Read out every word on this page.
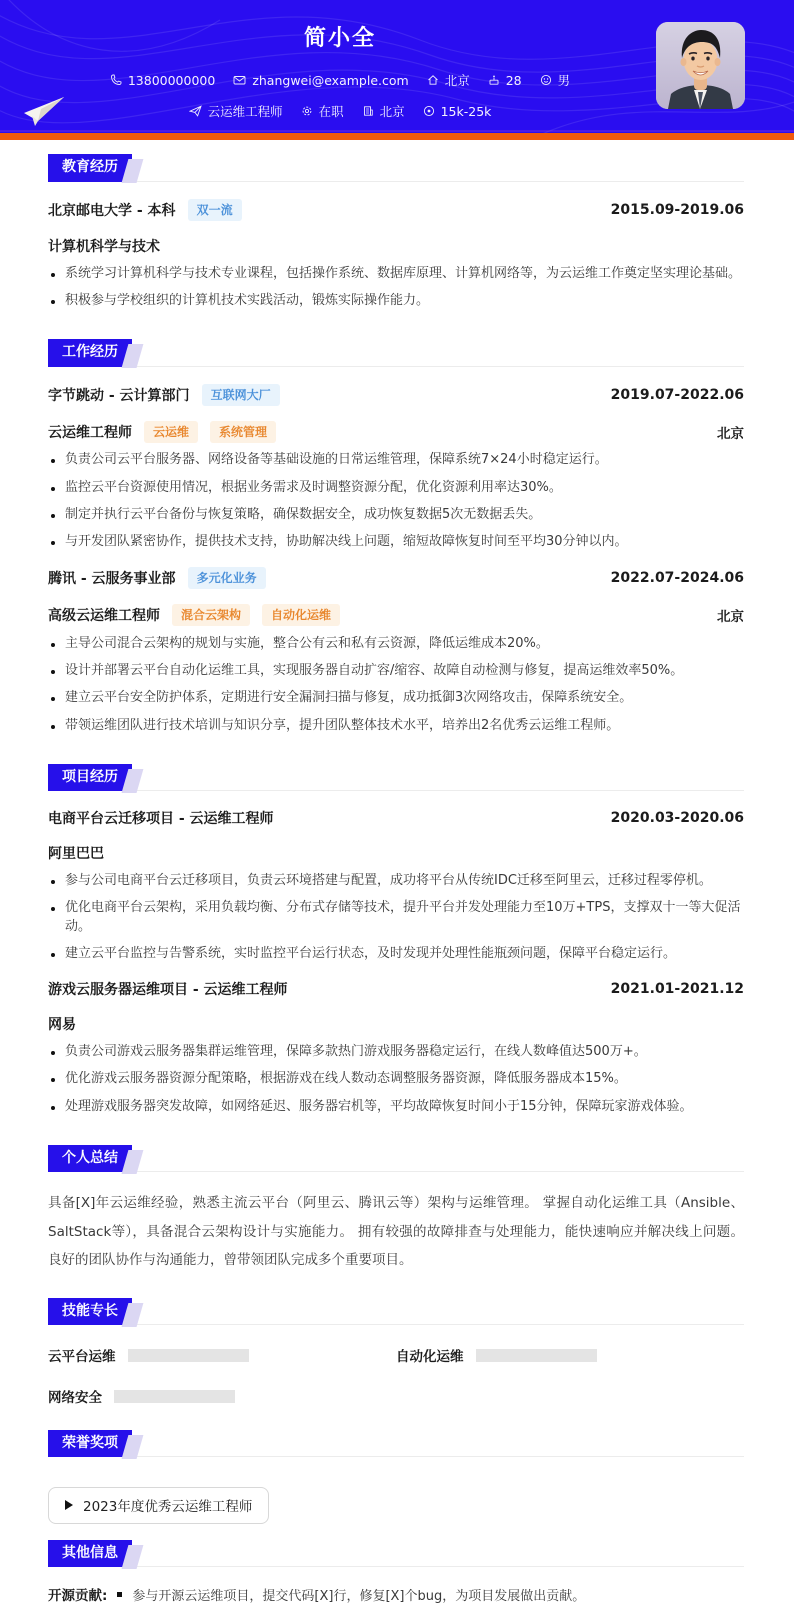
简小全
13800000000	zhangwei@example.com	北京	28	男
云运维工程师	在职	北京	15k-25k
教育经历
北京邮电大学 - 本科	双一流	2015.09-2019.06
计算机科学与技术
系统学习计算机科学与技术专业课程，包括操作系统、数据库原理、计算机网络等，为云运维工作奠定坚实理论基础。
积极参与学校组织的计算机技术实践活动，锻炼实际操作能力。
工作经历
字节跳动 - 云计算部门	互联网大厂	2019.07-2022.06
云运维工程师	云运维	系统管理	北京
负责公司云平台服务器、网络设备等基础设施的日常运维管理，保障系统7×24小时稳定运行。
监控云平台资源使用情况，根据业务需求及时调整资源分配，优化资源利用率达30%。
制定并执行云平台备份与恢复策略，确保数据安全，成功恢复数据5次无数据丢失。
与开发团队紧密协作，提供技术支持，协助解决线上问题，缩短故障恢复时间至平均30分钟以内。
腾讯 - 云服务事业部	多元化业务	2022.07-2024.06
高级云运维工程师	混合云架构	自动化运维	北京
主导公司混合云架构的规划与实施，整合公有云和私有云资源，降低运维成本20%。
设计并部署云平台自动化运维工具，实现服务器自动扩容/缩容、故障自动检测与修复，提高运维效率50%。
建立云平台安全防护体系，定期进行安全漏洞扫描与修复，成功抵御3次网络攻击，保障系统安全。
带领运维团队进行技术培训与知识分享，提升团队整体技术水平，培养出2名优秀云运维工程师。
项目经历
电商平台云迁移项目 - 云运维工程师	2020.03-2020.06
阿里巴巴
参与公司电商平台云迁移项目，负责云环境搭建与配置，成功将平台从传统IDC迁移至阿里云，迁移过程零停机。
优化电商平台云架构，采用负载均衡、分布式存储等技术，提升平台并发处理能力至10万+TPS，支撑双十一等大促活动。
建立云平台监控与告警系统，实时监控平台运行状态，及时发现并处理性能瓶颈问题，保障平台稳定运行。
游戏云服务器运维项目 - 云运维工程师	2021.01-2021.12
网易
负责公司游戏云服务器集群运维管理，保障多款热门游戏服务器稳定运行，在线人数峰值达500万+。
优化游戏云服务器资源分配策略，根据游戏在线人数动态调整服务器资源，降低服务器成本15%。
处理游戏服务器突发故障，如网络延迟、服务器宕机等，平均故障恢复时间小于15分钟，保障玩家游戏体验。
个人总结

具备[X]年云运维经验，熟悉主流云平台（阿里云、腾讯云等）架构与运维管理。 掌握自动化运维工具（Ansible、SaltStack等），具备混合云架构设计与实施能力。 拥有较强的故障排查与处理能力，能快速响应并解决线上问题。 良好的团队协作与沟通能力，曾带领团队完成多个重要项目。

技能专长
云平台运维	自动化运维
网络安全
荣誉奖项
2023年度优秀云运维工程师
其他信息
开源贡献: 参与开源云运维项目，提交代码[X]行，修复[X]个bug，为项目发展做出贡献。
